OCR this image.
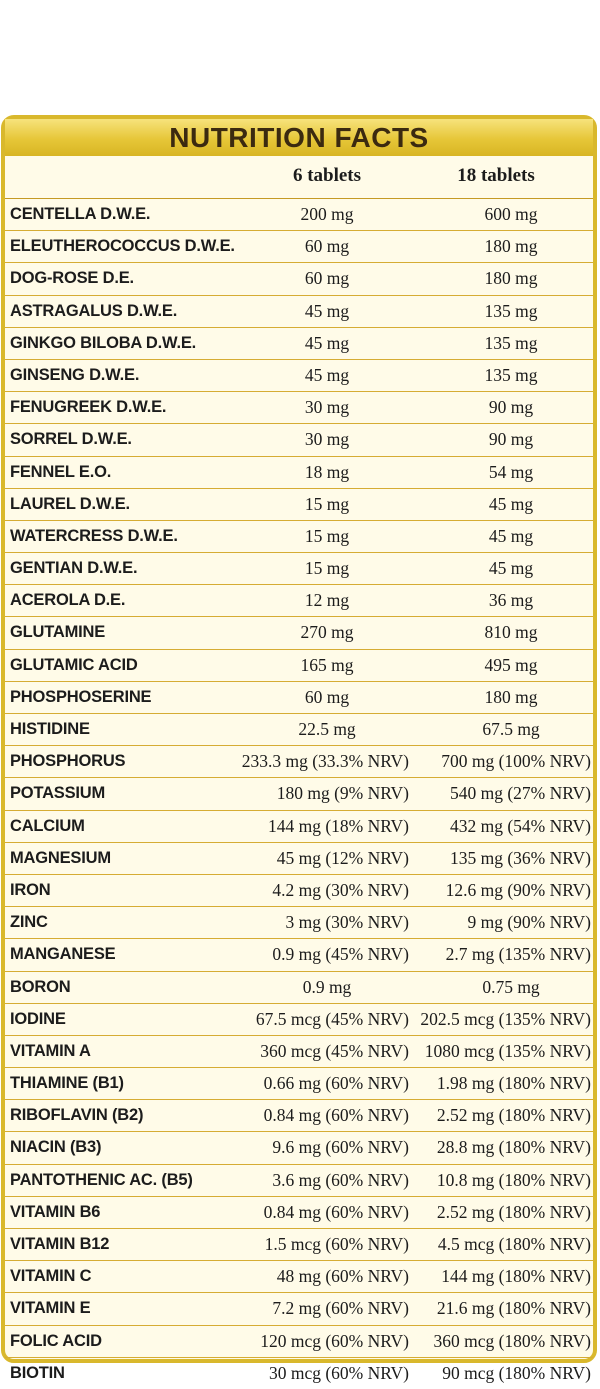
NUTRITION FACTS
6 tablets	18 tablets
CENTELLA D.W.E.	200 mg	600 mg
ELEUTHEROCOCCUS D.W.E.	60 mg	180 mg
DOG-ROSE D.E.	60 mg	180 mg
ASTRAGALUS D.W.E.	45 mg	135 mg
GINKGO BILOBA D.W.E.	45 mg	135 mg
GINSENG D.W.E.	45 mg	135 mg
FENUGREEK D.W.E.	30 mg	90 mg
SORREL D.W.E.	30 mg	90 mg
FENNEL E.O.	18 mg	54 mg
LAUREL D.W.E.	15 mg	45 mg
WATERCRESS D.W.E.	15 mg	45 mg
GENTIAN D.W.E.	15 mg	45 mg
ACEROLA D.E.	12 mg	36 mg
GLUTAMINE	270 mg	810 mg
GLUTAMIC ACID	165 mg	495 mg
PHOSPHOSERINE	60 mg	180 mg
HISTIDINE	22.5 mg	67.5 mg
PHOSPHORUS	233.3 mg (33.3% NRV)	700 mg (100% NRV)
POTASSIUM	180 mg (9% NRV)	540 mg (27% NRV)
CALCIUM	144 mg (18% NRV)	432 mg (54% NRV)
MAGNESIUM	45 mg (12% NRV)	135 mg (36% NRV)
IRON	4.2 mg (30% NRV)	12.6 mg (90% NRV)
ZINC	3 mg (30% NRV)	9 mg (90% NRV)
MANGANESE	0.9 mg (45% NRV)	2.7 mg (135% NRV)
BORON	0.9 mg	0.75 mg
IODINE	67.5 mcg (45% NRV) 202.5 mcg (135% NRV)
VITAMIN A	360 mcg (45% NRV) 1080 mcg (135% NRV)
THIAMINE (B1)	0.66 mg (60% NRV)	1.98 mg (180% NRV)
RIBOFLAVIN (B2)	0.84 mg (60% NRV)	2.52 mg (180% NRV)
NIACIN (B3)	9.6 mg (60% NRV)	28.8 mg (180% NRV)
PANTOTHENIC AC. (B5)	3.6 mg (60% NRV)	10.8 mg (180% NRV)
VITAMIN B6	0.84 mg (60% NRV)	2.52 mg (180% NRV)
VITAMIN B12	1.5 mcg (60% NRV)	4.5 mcg (180% NRV)
VITAMIN C	48 mg (60% NRV)	144 mg (180% NRV)
VITAMIN E	7.2 mg (60% NRV)	21.6 mg (180% NRV)
FOLIC ACID	120 mcg (60% NRV)	360 mcg (180% NRV)
BIOTIN	30 mcg (60% NRV)	90 mcg (180% NRV)
